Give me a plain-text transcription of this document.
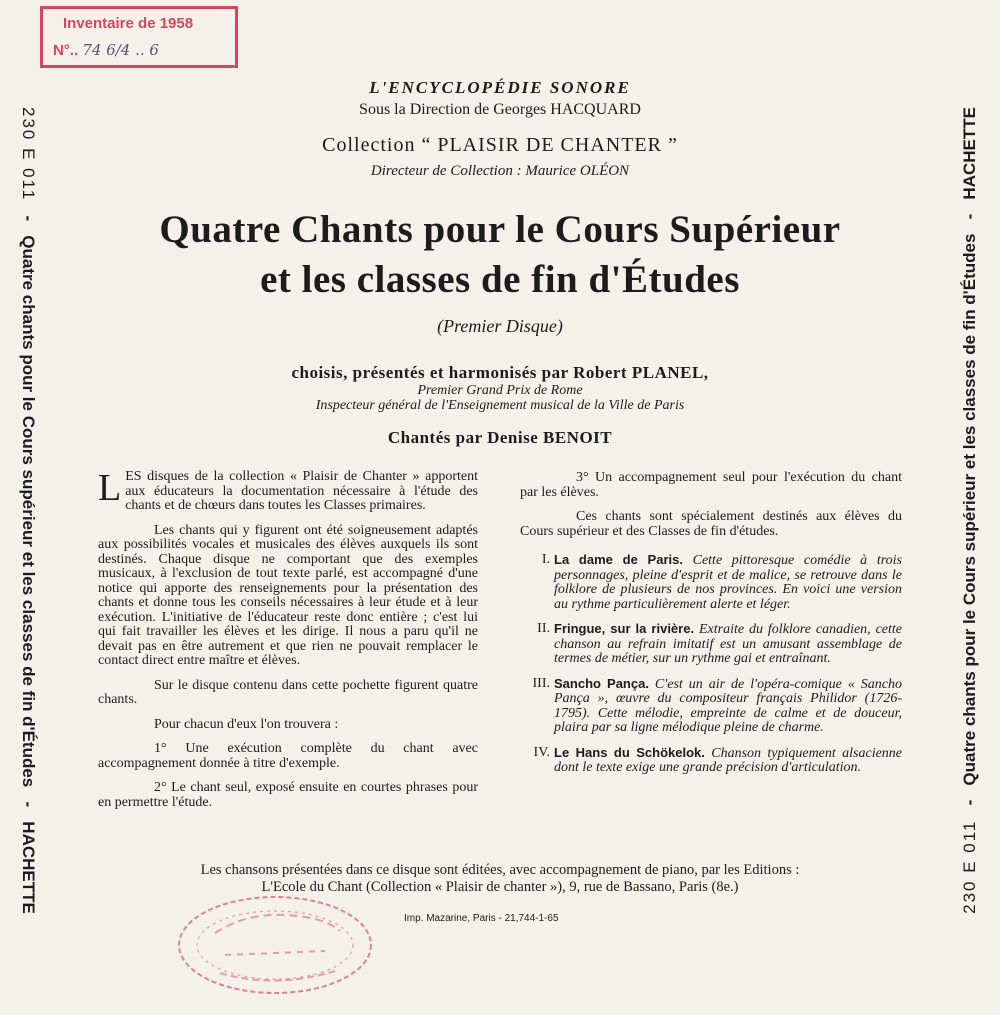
Inventaire de 1958
N°.. 74 6/4 .. 6
230 E 011   -   Quatre chants pour le Cours supérieur et les classes de fin d'Études   -   HACHETTE	230 E 011   -   Quatre chants pour le Cours supérieur et les classes de fin d'Études   -   HACHETTE
L'ENCYCLOPÉDIE SONORE
Sous la Direction de Georges HACQUARD
Collection “ PLAISIR DE CHANTER ”
Directeur de Collection : Maurice OLÉON
Quatre Chants pour le Cours Supérieur
et les classes de fin d'Études
(Premier Disque)
choisis, présentés et harmonisés par Robert PLANEL,
Premier Grand Prix de Rome
Inspecteur général de l'Enseignement musical de la Ville de Paris
Chantés par Denise BENOIT

LES disques de la collection « Plaisir de Chanter » apportent aux éducateurs la documentation nécessaire à l'étude des chants et de chœurs dans toutes les Classes primaires.

Les chants qui y figurent ont été soigneusement adaptés aux possibilités vocales et musicales des élèves auxquels ils sont destinés. Chaque disque ne comportant que des exemples musicaux, à l'exclusion de tout texte parlé, est accompagné d'une notice qui apporte des renseignements pour la présentation des chants et donne tous les conseils nécessaires à leur étude et à leur exécution. L'initiative de l'éducateur reste donc entière ; c'est lui qui fait travailler les élèves et les dirige. Il nous a paru qu'il ne devait pas en être autrement et que rien ne pouvait remplacer le contact direct entre maître et élèves.

Sur le disque contenu dans cette pochette figurent quatre chants.

Pour chacun d'eux l'on trouvera :

1° Une exécution complète du chant avec accompagnement donnée à titre d'exemple.

2° Le chant seul, exposé ensuite en courtes phrases pour en permettre l'étude.

3° Un accompagnement seul pour l'exécution du chant par les élèves.

Ces chants sont spécialement destinés aux élèves du Cours supérieur et des Classes de fin d'études.

I. La dame de Paris. Cette pittoresque comédie à trois personnages, pleine d'esprit et de malice, se retrouve dans le folklore de plusieurs de nos provinces. En voici une version au rythme particulièrement alerte et léger.
II. Fringue, sur la rivière. Extraite du folklore canadien, cette chanson au refrain imitatif est un amusant assemblage de termes de métier, sur un rythme gai et entraînant.
III. Sancho Pança. C'est un air de l'opéra-comique « Sancho Pança », œuvre du compositeur français Philidor (1726-1795). Cette mélodie, empreinte de calme et de douceur, plaira par sa ligne mélodique pleine de charme.
IV. Le Hans du Schökelok. Chanson typiquement alsacienne dont le texte exige une grande précision d'articulation.
Les chansons présentées dans ce disque sont éditées, avec accompagnement de piano, par les Editions :
L'Ecole du Chant (Collection « Plaisir de chanter »), 9, rue de Bassano, Paris (8e.)
Imp. Mazarine, Paris - 21,744-1-65
